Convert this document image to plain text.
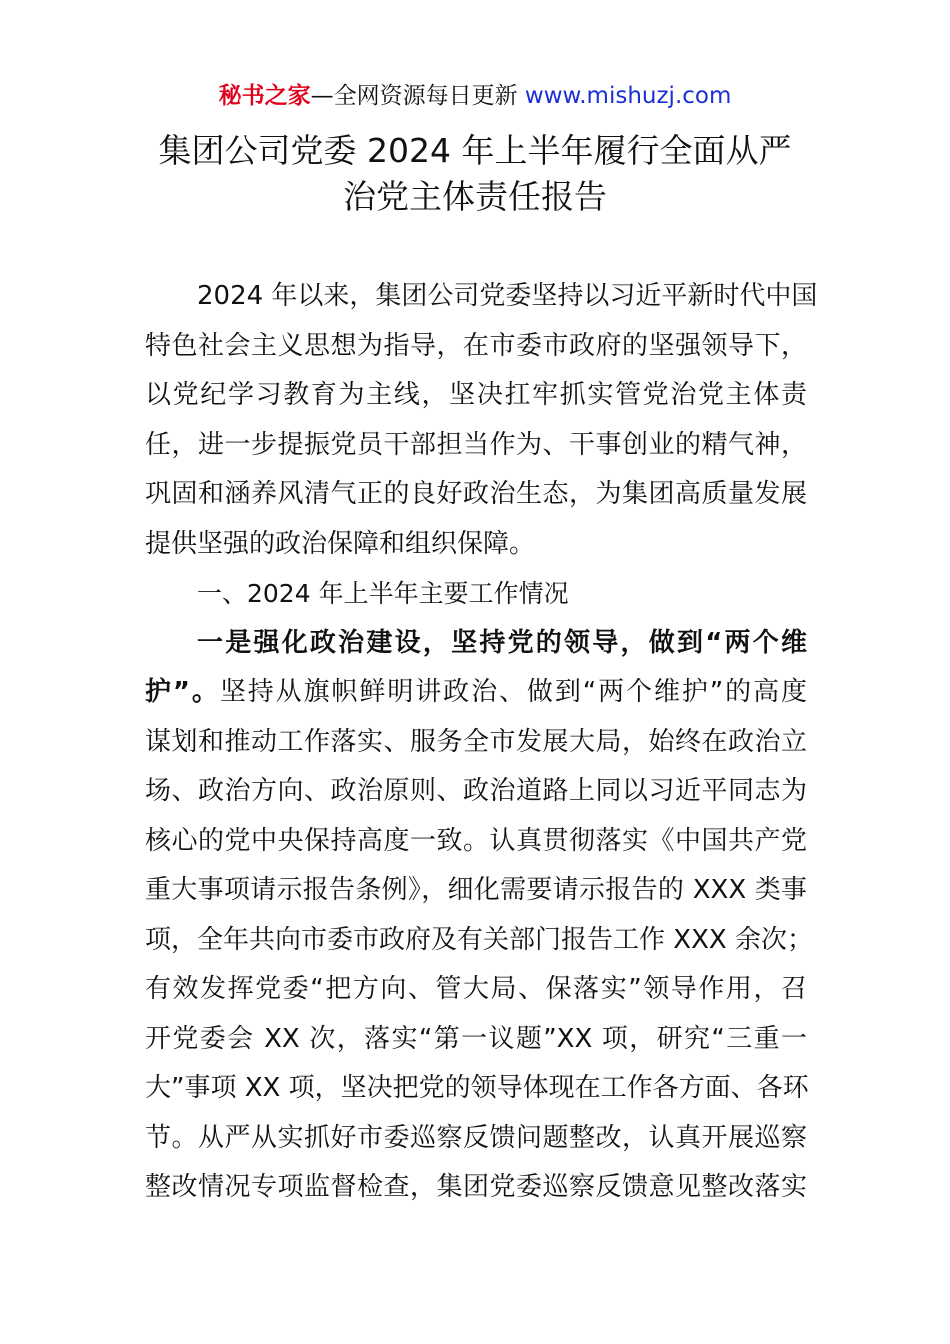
秘书之家—全网资源每日更新 www.mishuzj.com
集团公司党委 2024 年上半年履行全面从严
治党主体责任报告
2024 年以来，集团公司党委坚持以习近平新时代中国
特色社会主义思想为指导，在市委市政府的坚强领导下，
以党纪学习教育为主线，坚决扛牢抓实管党治党主体责
任，进一步提振党员干部担当作为、干事创业的精气神，
巩固和涵养风清气正的良好政治生态，为集团高质量发展
提供坚强的政治保障和组织保障。
一、2024 年上半年主要工作情况
一是强化政治建设，坚持党的领导，做到“两个维
护”。坚持从旗帜鲜明讲政治、做到“两个维护”的高度
谋划和推动工作落实、服务全市发展大局，始终在政治立
场、政治方向、政治原则、政治道路上同以习近平同志为
核心的党中央保持高度一致。认真贯彻落实《中国共产党
重大事项请示报告条例》，细化需要请示报告的 XXX 类事
项，全年共向市委市政府及有关部门报告工作 XXX 余次；
有效发挥党委“把方向、管大局、保落实”领导作用，召
开党委会 XX 次，落实“第一议题”XX 项，研究“三重一
大”事项 XX 项，坚决把党的领导体现在工作各方面、各环
节。从严从实抓好市委巡察反馈问题整改，认真开展巡察
整改情况专项监督检查，集团党委巡察反馈意见整改落实
